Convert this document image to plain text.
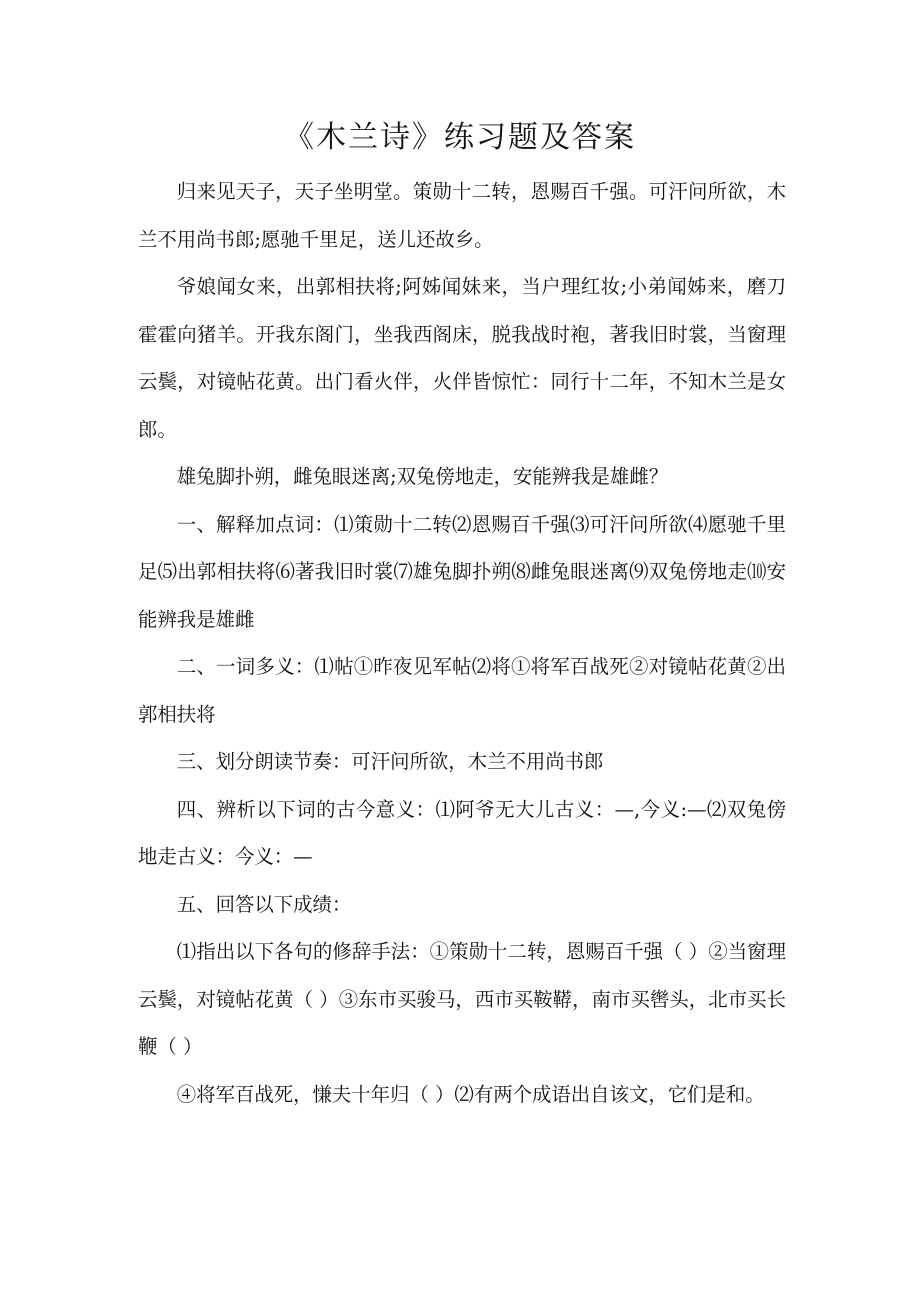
《木兰诗》练习题及答案

归来见天子，天子坐明堂。策勋十二转，恩赐百千强。可汗问所欲，木兰不用尚书郎;愿驰千里足，送儿还故乡。

爷娘闻女来，出郭相扶将;阿姊闻妹来，当户理红妆;小弟闻姊来，磨刀霍霍向猪羊。开我东阁门，坐我西阁床，脱我战时袍，著我旧时裳，当窗理云鬓，对镜帖花黄。出门看火伴，火伴皆惊忙：同行十二年，不知木兰是女郎。

雄兔脚扑朔，雌兔眼迷离;双兔傍地走，安能辨我是雄雌？

一、解释加点词：⑴策勋十二转⑵恩赐百千强⑶可汗问所欲⑷愿驰千里足⑸出郭相扶将⑹著我旧时裳⑺雄兔脚扑朔⑻雌兔眼迷离⑼双兔傍地走⑽安能辨我是雄雌

二、一词多义：⑴帖①昨夜见军帖⑵将①将军百战死②对镜帖花黄②出郭相扶将

三、划分朗读节奏：可汗问所欲，木兰不用尚书郎

四、辨析以下词的古今意义：⑴阿爷无大儿古义：—,今义:—⑵双兔傍地走古义：今义：—

五、回答以下成绩：

⑴指出以下各句的修辞手法：①策勋十二转，恩赐百千强（ ）②当窗理云鬓，对镜帖花黄（ ）③东市买骏马，西市买鞍鞯，南市买辔头，北市买长鞭（ ）

④将军百战死，慊夫十年归（ ）⑵有两个成语出自该文，它们是和。
